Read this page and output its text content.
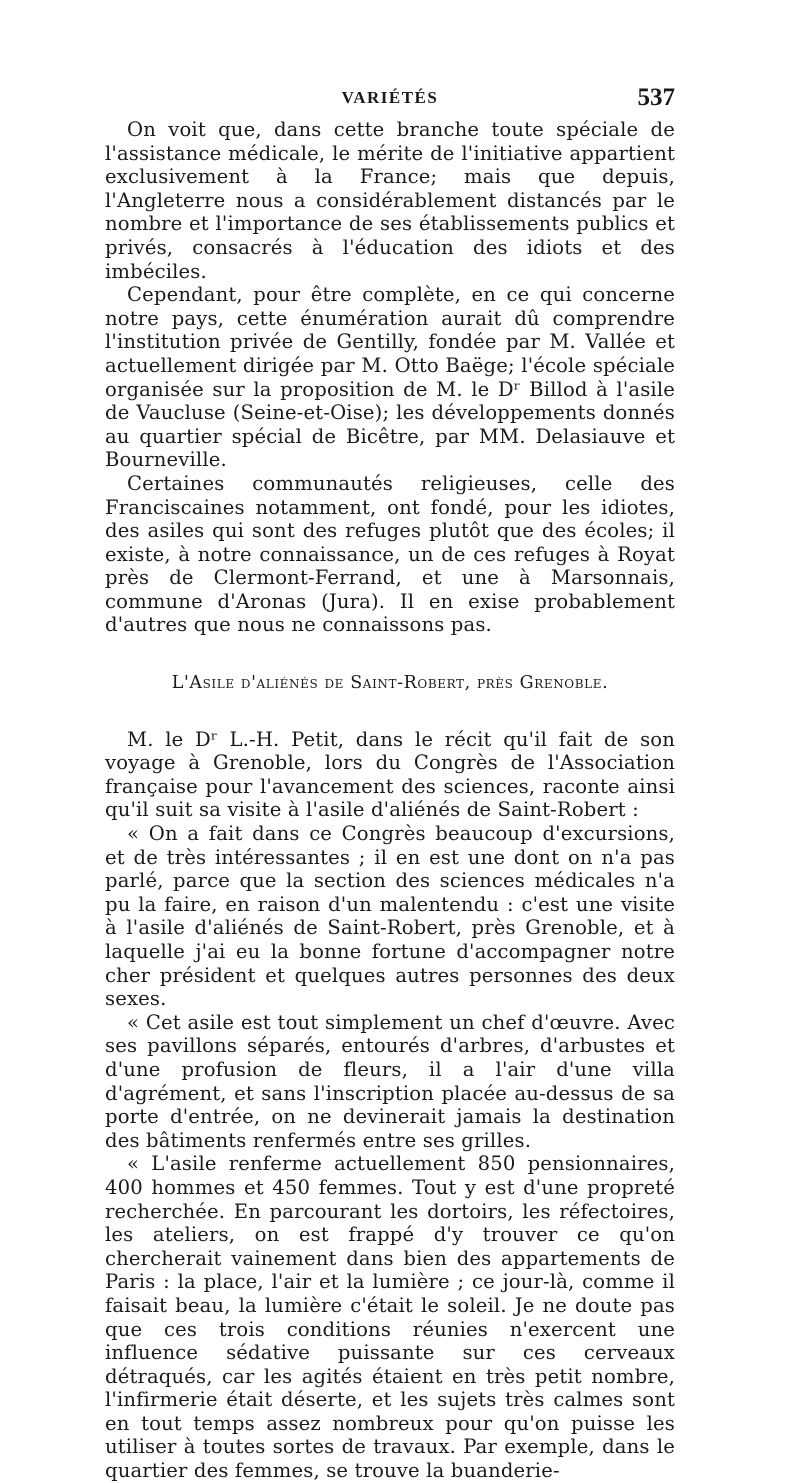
VARIÉTÉS	537

On voit que, dans cette branche toute spéciale de l'assistance médicale, le mérite de l'initiative appartient exclusivement à la France; mais que depuis, l'Angleterre nous a considérablement distancés par le nombre et l'importance de ses établissements publics et privés, consacrés à l'éducation des idiots et des imbéciles.

Cependant, pour être complète, en ce qui concerne notre pays, cette énumération aurait dû comprendre l'institution privée de Gentilly, fondée par M. Vallée et actuellement dirigée par M. Otto Baëge; l'école spéciale organisée sur la proposition de M. le Dʳ Billod à l'asile de Vaucluse (Seine-et-Oise); les développements donnés au quartier spécial de Bicêtre, par MM. Delasiauve et Bourneville.

Certaines communautés religieuses, celle des Franciscaines notamment, ont fondé, pour les idiotes, des asiles qui sont des refuges plutôt que des écoles; il existe, à notre connaissance, un de ces refuges à Royat près de Clermont-Ferrand, et une à Marsonnais, commune d'Aronas (Jura). Il en exise probablement d'autres que nous ne connaissons pas.

L'Asile d'aliénés de Saint-Robert, près Grenoble.

M. le Dʳ L.-H. Petit, dans le récit qu'il fait de son voyage à Grenoble, lors du Congrès de l'Association française pour l'avancement des sciences, raconte ainsi qu'il suit sa visite à l'asile d'aliénés de Saint-Robert :

« On a fait dans ce Congrès beaucoup d'excursions, et de très intéressantes ; il en est une dont on n'a pas parlé, parce que la section des sciences médicales n'a pu la faire, en raison d'un malentendu : c'est une visite à l'asile d'aliénés de Saint-Robert, près Grenoble, et à laquelle j'ai eu la bonne fortune d'accompagner notre cher président et quelques autres personnes des deux sexes.

« Cet asile est tout simplement un chef d'œuvre. Avec ses pavillons séparés, entourés d'arbres, d'arbustes et d'une profusion de fleurs, il a l'air d'une villa d'agrément, et sans l'inscription placée au-dessus de sa porte d'entrée, on ne devinerait jamais la destination des bâtiments renfermés entre ses grilles.

« L'asile renferme actuellement 850 pensionnaires, 400 hommes et 450 femmes. Tout y est d'une propreté recherchée. En parcourant les dortoirs, les réfectoires, les ateliers, on est frappé d'y trouver ce qu'on chercherait vainement dans bien des appartements de Paris : la place, l'air et la lumière ; ce jour-là, comme il faisait beau, la lumière c'était le soleil. Je ne doute pas que ces trois conditions réunies n'exercent une influence sédative puissante sur ces cerveaux détraqués, car les agités étaient en très petit nombre, l'infirmerie était déserte, et les sujets très calmes sont en tout temps assez nombreux pour qu'on puisse les utiliser à toutes sortes de travaux. Par exemple, dans le quartier des femmes, se trouve la buanderie-
